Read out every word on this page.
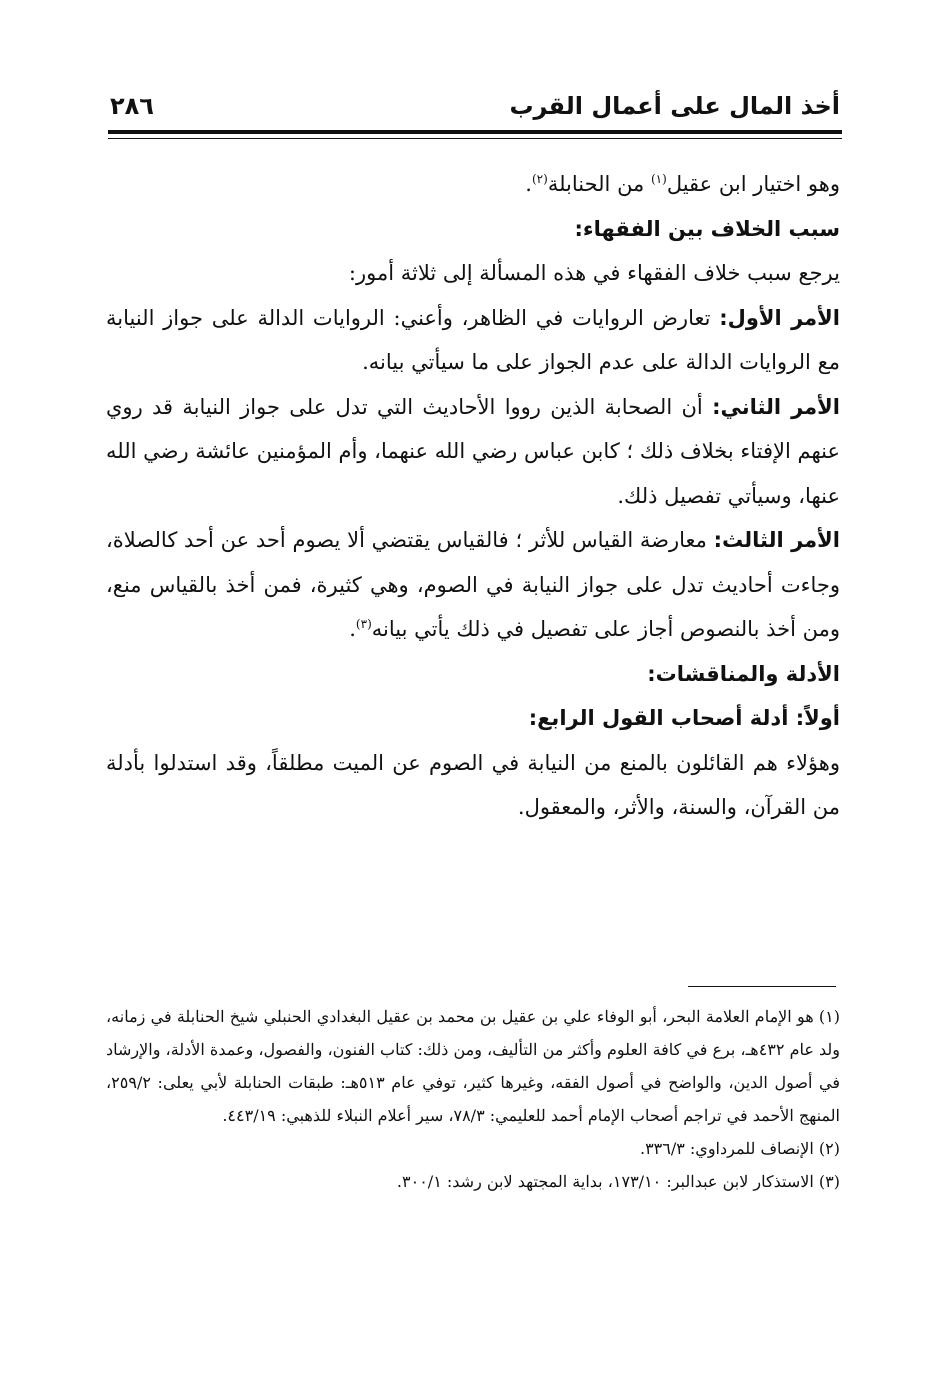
أخذ المال على أعمال القرب
٢٨٦

وهو اختيار ابن عقيل$^{(١)}$ من الحنابلة$^{(٢)}$.

سبب الخلاف بين الفقهاء:

يرجع سبب خلاف الفقهاء في هذه المسألة إلى ثلاثة أمور:

الأمر الأول: تعارض الروايات في الظاهر، وأعني: الروايات الدالة على جواز النيابة مع الروايات الدالة على عدم الجواز على ما سيأتي بيانه.

الأمر الثاني: أن الصحابة الذين رووا الأحاديث التي تدل على جواز النيابة قد روي عنهم الإفتاء بخلاف ذلك ؛ كابن عباس رضي الله عنهما، وأم المؤمنين عائشة رضي الله عنها، وسيأتي تفصيل ذلك.

الأمر الثالث: معارضة القياس للأثر ؛ فالقياس يقتضي ألا يصوم أحد عن أحد كالصلاة، وجاءت أحاديث تدل على جواز النيابة في الصوم، وهي كثيرة، فمن أخذ بالقياس منع، ومن أخذ بالنصوص أجاز على تفصيل في ذلك يأتي بيانه$^{(٣)}$.

الأدلة والمناقشات:

أولاً: أدلة أصحاب القول الرابع:

وهؤلاء هم القائلون بالمنع من النيابة في الصوم عن الميت مطلقاً، وقد استدلوا بأدلة من القرآن، والسنة، والأثر، والمعقول.

(١) هو الإمام العلامة البحر، أبو الوفاء علي بن عقيل بن محمد بن عقيل البغدادي الحنبلي شيخ الحنابلة في زمانه، ولد عام ٤٣٢هـ، برع في كافة العلوم وأكثر من التأليف، ومن ذلك: كتاب الفنون، والفصول، وعمدة الأدلة، والإرشاد في أصول الدين، والواضح في أصول الفقه، وغيرها كثير، توفي عام ٥١٣هـ: طبقات الحنابلة لأبي يعلى: ٢٥٩/٢، المنهج الأحمد في تراجم أصحاب الإمام أحمد للعليمي: ٧٨/٣، سير أعلام النبلاء للذهبي: ٤٤٣/١٩.

(٢) الإنصاف للمرداوي: ٣٣٦/٣.

(٣) الاستذكار لابن عبدالبر: ١٧٣/١٠، بداية المجتهد لابن رشد: ٣٠٠/١.
